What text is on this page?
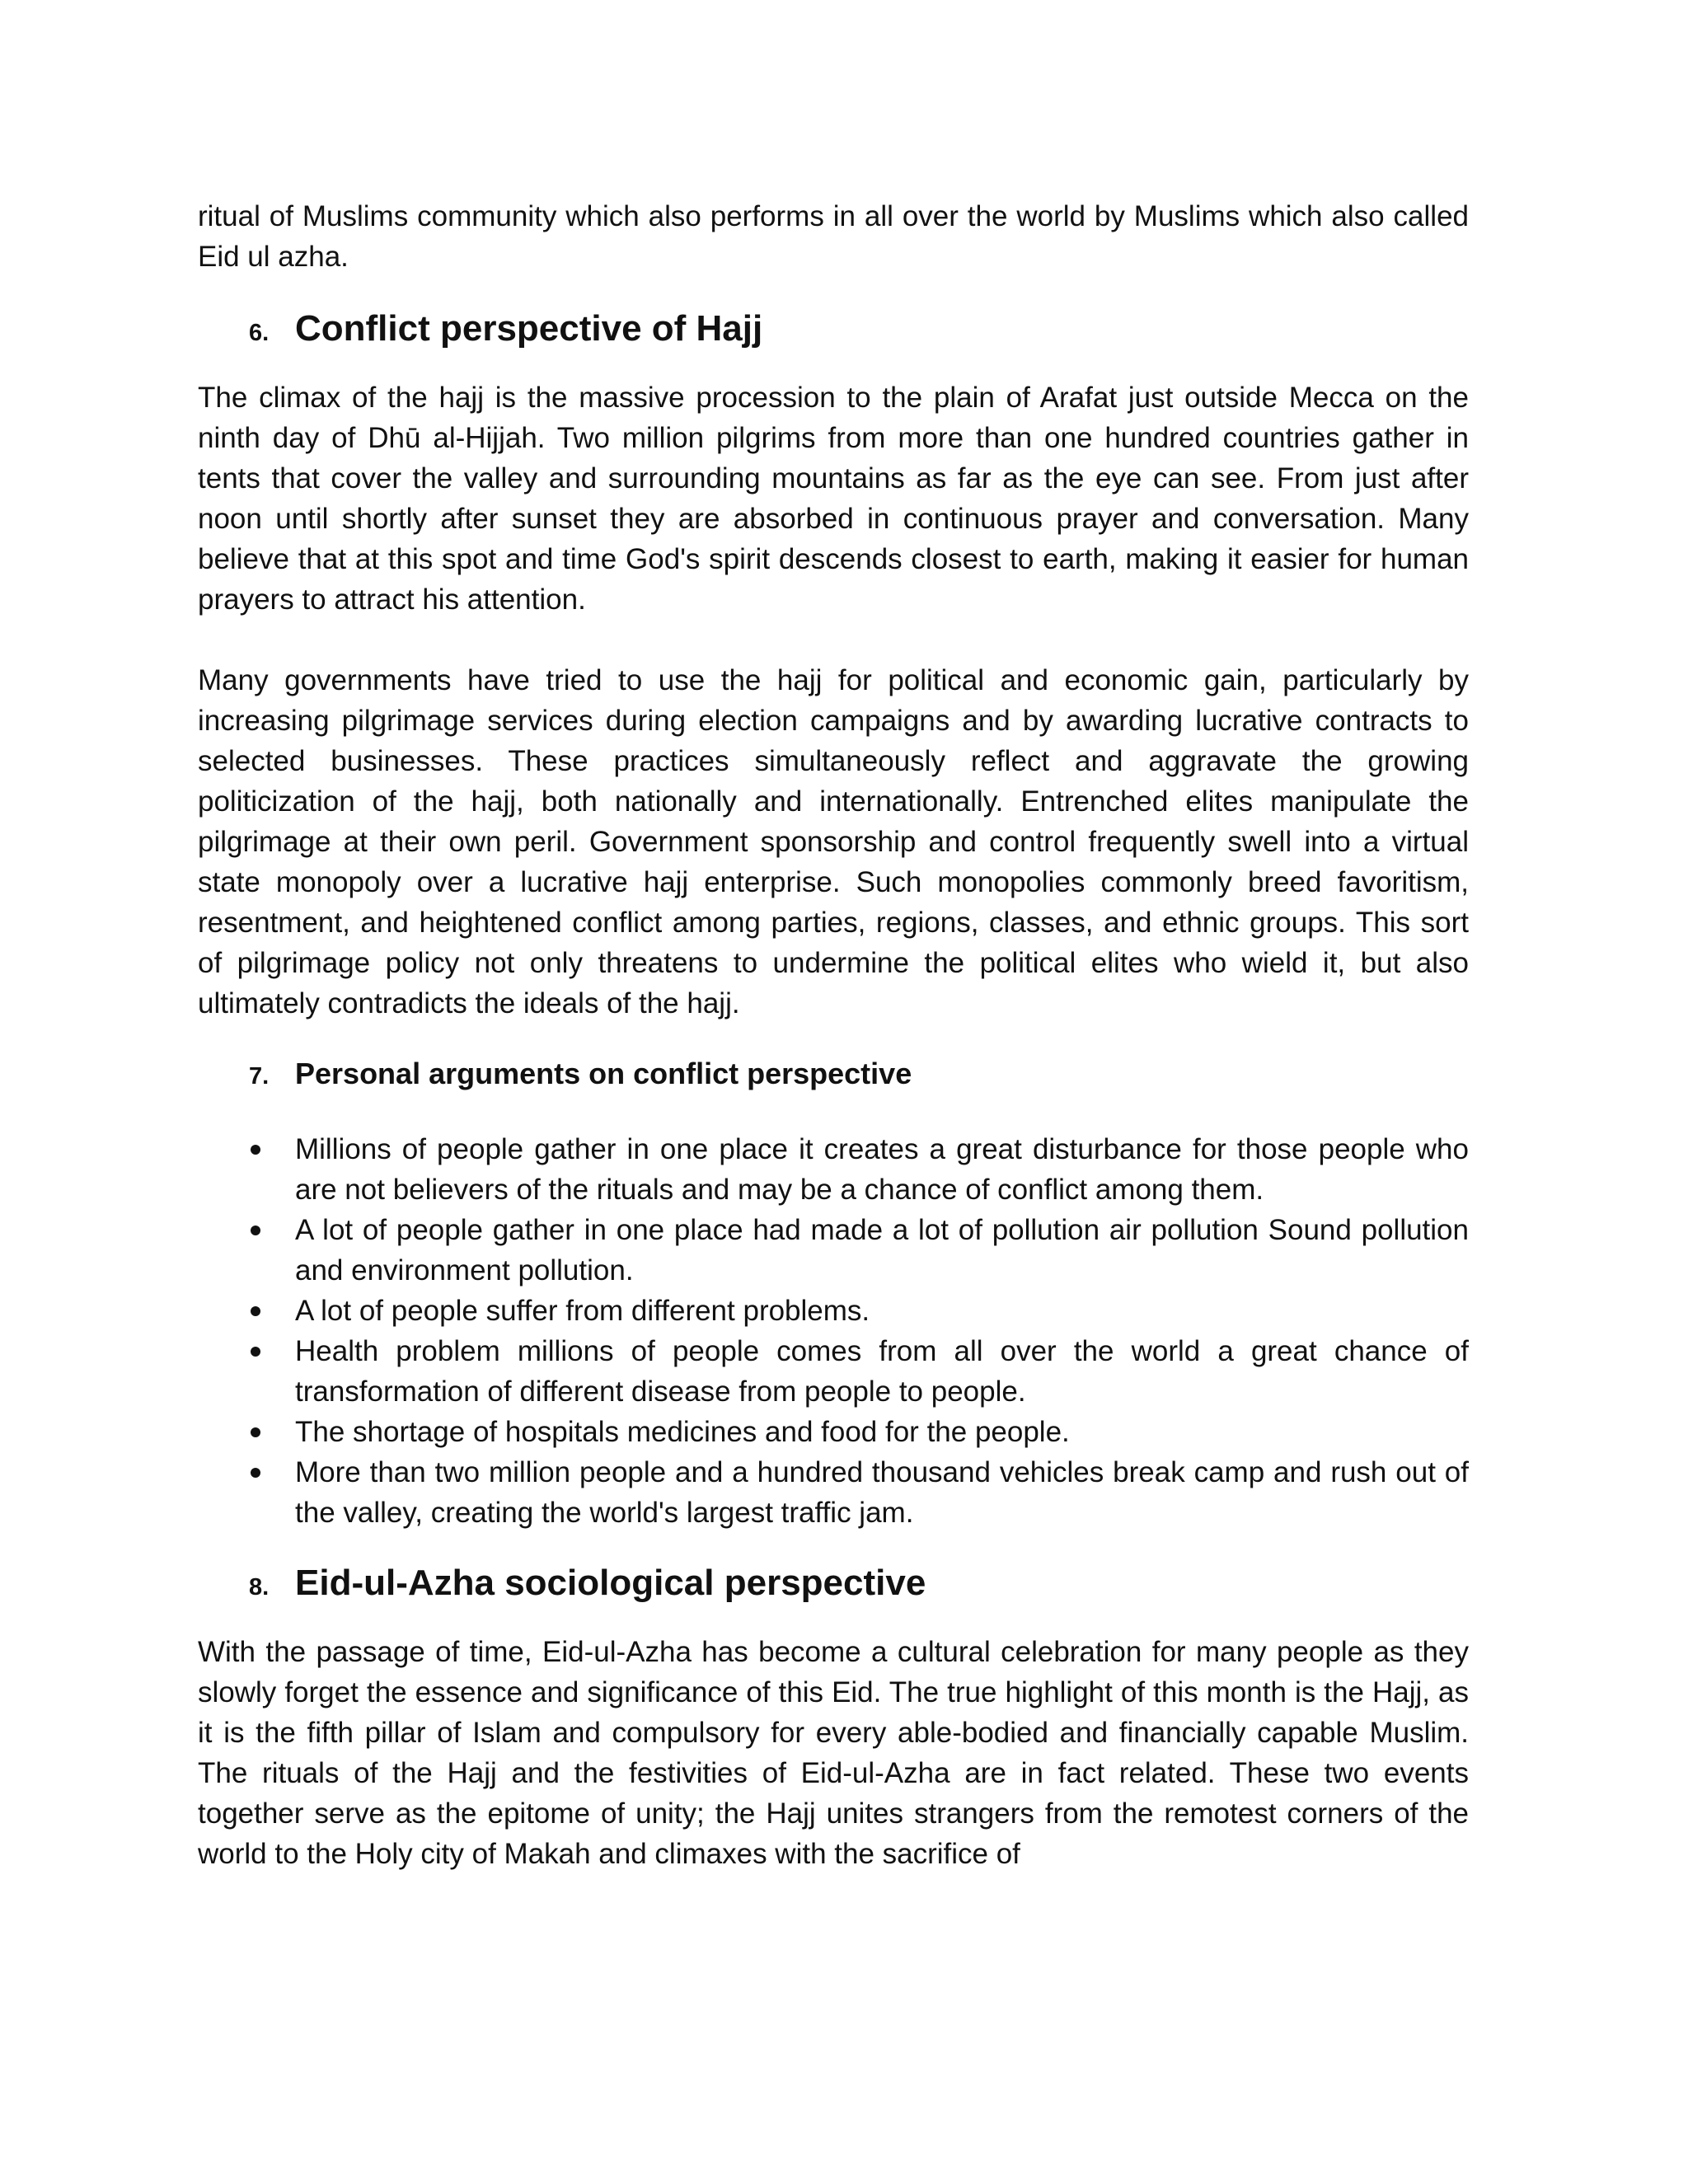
ritual of Muslims community which also performs in all over the world by Muslims which also called Eid ul azha.

6. Conflict perspective of Hajj

The climax of the hajj is the massive procession to the plain of Arafat just outside Mecca on the ninth day of Dhū al-Hijjah. Two million pilgrims from more than one hundred countries gather in tents that cover the valley and surrounding mountains as far as the eye can see. From just after noon until shortly after sunset they are absorbed in continuous prayer and conversation. Many believe that at this spot and time God's spirit descends closest to earth, making it easier for human prayers to attract his attention.

Many governments have tried to use the hajj for political and economic gain, particularly by increasing pilgrimage services during election campaigns and by awarding lucrative contracts to selected businesses. These practices simultaneously reflect and aggravate the growing politicization of the hajj, both nationally and internationally. Entrenched elites manipulate the pilgrimage at their own peril. Government sponsorship and control frequently swell into a virtual state monopoly over a lucrative hajj enterprise. Such monopolies commonly breed favoritism, resentment, and heightened conflict among parties, regions, classes, and ethnic groups. This sort of pilgrimage policy not only threatens to undermine the political elites who wield it, but also ultimately contradicts the ideals of the hajj.

7. Personal arguments on conflict perspective
Millions of people gather in one place it creates a great disturbance for those people who are not believers of the rituals and may be a chance of conflict among them.
A lot of people gather in one place had made a lot of pollution air pollution Sound pollution and environment pollution.
A lot of people suffer from different problems.
Health problem millions of people comes from all over the world a great chance of transformation of different disease from people to people.
The shortage of hospitals medicines and food for the people.
More than two million people and a hundred thousand vehicles break camp and rush out of the valley, creating the world's largest traffic jam.
8. Eid-ul-Azha sociological perspective

With the passage of time, Eid-ul-Azha has become a cultural celebration for many people as they slowly forget the essence and significance of this Eid. The true highlight of this month is the Hajj, as it is the fifth pillar of Islam and compulsory for every able-bodied and financially capable Muslim. The rituals of the Hajj and the festivities of Eid-ul-Azha are in fact related. These two events together serve as the epitome of unity; the Hajj unites strangers from the remotest corners of the world to the Holy city of Makah and climaxes with the sacrifice of
